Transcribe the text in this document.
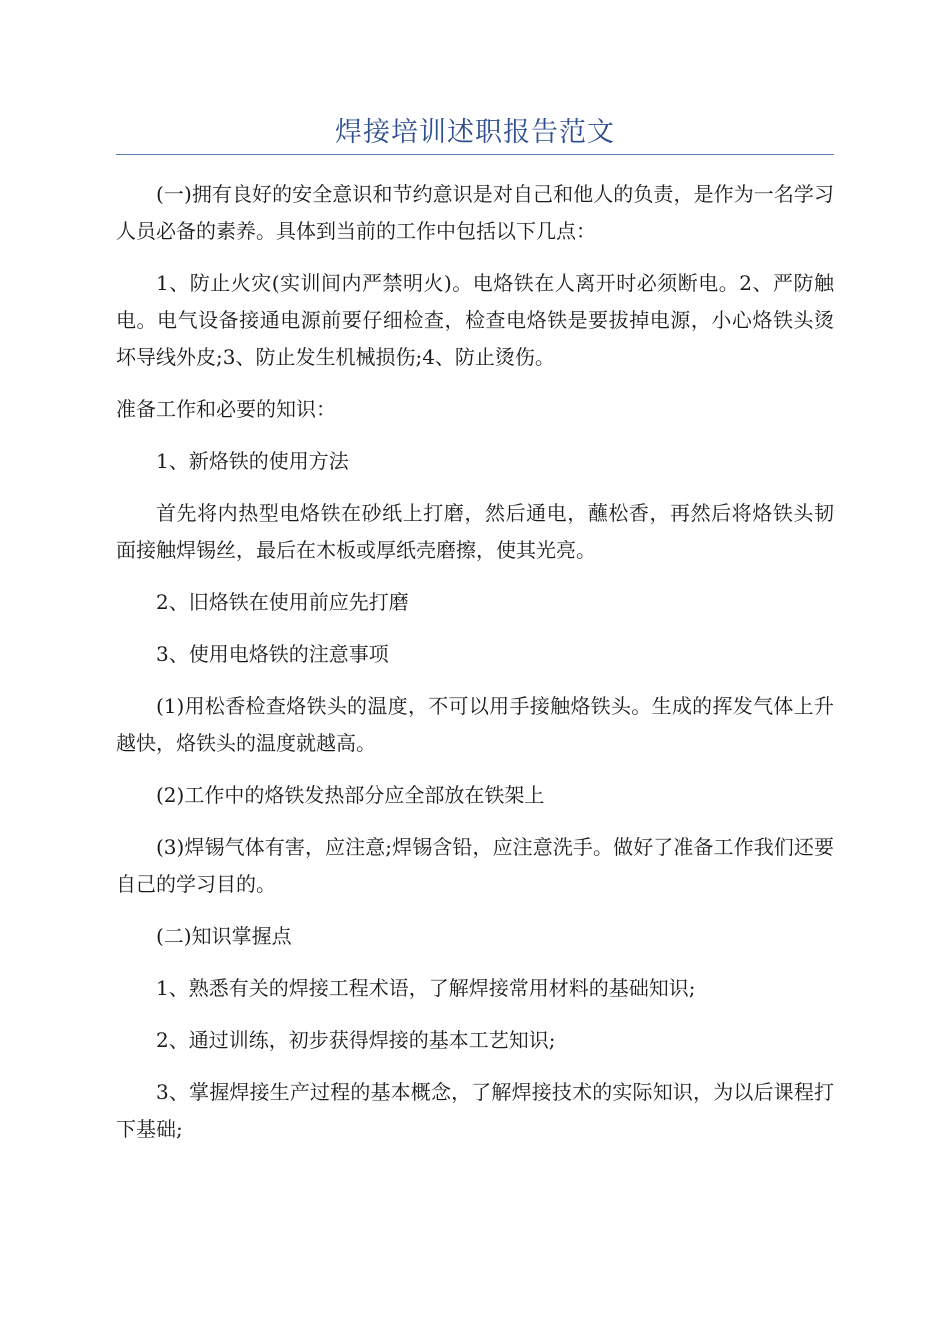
焊接培训述职报告范文

(一)拥有良好的安全意识和节约意识是对自己和他人的负责，是作为一名学习人员必备的素养。具体到当前的工作中包括以下几点：

1、防止火灾(实训间内严禁明火)。电烙铁在人离开时必须断电。2、严防触电。电气设备接通电源前要仔细检查，检查电烙铁是要拔掉电源，小心烙铁头烫坏导线外皮;3、防止发生机械损伤;4、防止烫伤。

准备工作和必要的知识：

1、新烙铁的使用方法

首先将内热型电烙铁在砂纸上打磨，然后通电，蘸松香，再然后将烙铁头韧面接触焊锡丝，最后在木板或厚纸壳磨擦，使其光亮。

2、旧烙铁在使用前应先打磨

3、使用电烙铁的注意事项

(1)用松香检查烙铁头的温度，不可以用手接触烙铁头。生成的挥发气体上升越快，烙铁头的温度就越高。

(2)工作中的烙铁发热部分应全部放在铁架上

(3)焊锡气体有害，应注意;焊锡含铅，应注意洗手。做好了准备工作我们还要自己的学习目的。

(二)知识掌握点

1、熟悉有关的焊接工程术语，了解焊接常用材料的基础知识;

2、通过训练，初步获得焊接的基本工艺知识;

3、掌握焊接生产过程的基本概念，了解焊接技术的实际知识，为以后课程打下基础;
